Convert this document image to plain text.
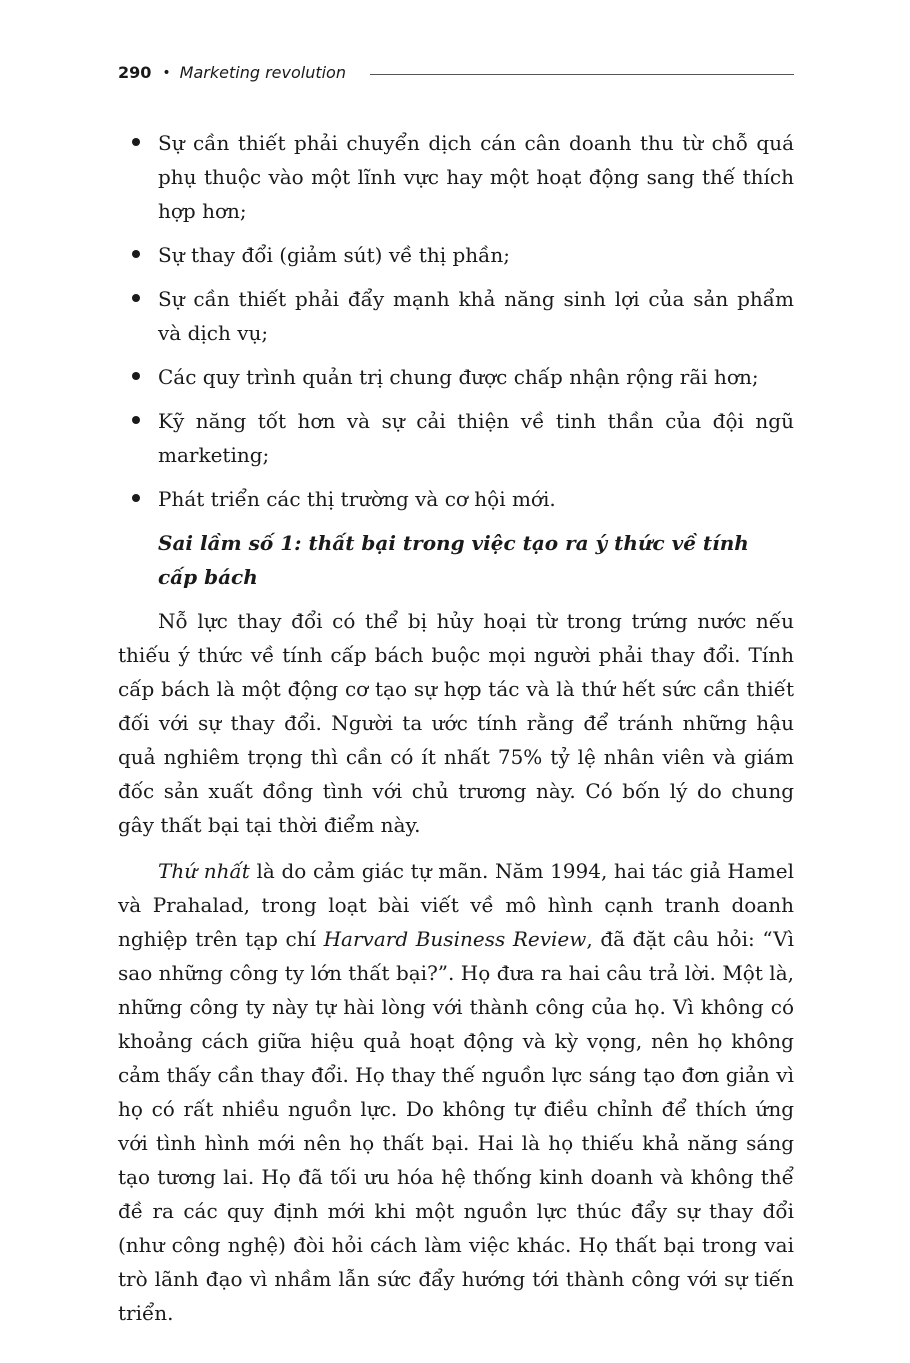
290 • Marketing revolution
Sự cần thiết phải chuyển dịch cán cân doanh thu từ chỗ quá phụ thuộc vào một lĩnh vực hay một hoạt động sang thế thích hợp hơn;
Sự thay đổi (giảm sút) về thị phần;
Sự cần thiết phải đẩy mạnh khả năng sinh lợi của sản phẩm và dịch vụ;
Các quy trình quản trị chung được chấp nhận rộng rãi hơn;
Kỹ năng tốt hơn và sự cải thiện về tinh thần của đội ngũ marketing;
Phát triển các thị trường và cơ hội mới.
Sai lầm số 1: thất bại trong việc tạo ra ý thức về tính cấp bách

Nỗ lực thay đổi có thể bị hủy hoại từ trong trứng nước nếu thiếu ý thức về tính cấp bách buộc mọi người phải thay đổi. Tính cấp bách là một động cơ tạo sự hợp tác và là thứ hết sức cần thiết đối với sự thay đổi. Người ta ước tính rằng để tránh những hậu quả nghiêm trọng thì cần có ít nhất 75% tỷ lệ nhân viên và giám đốc sản xuất đồng tình với chủ trương này. Có bốn lý do chung gây thất bại tại thời điểm này.

Thứ nhất là do cảm giác tự mãn. Năm 1994, hai tác giả Hamel và Prahalad, trong loạt bài viết về mô hình cạnh tranh doanh nghiệp trên tạp chí Harvard Business Review, đã đặt câu hỏi: “Vì sao những công ty lớn thất bại?”. Họ đưa ra hai câu trả lời. Một là, những công ty này tự hài lòng với thành công của họ. Vì không có khoảng cách giữa hiệu quả hoạt động và kỳ vọng, nên họ không cảm thấy cần thay đổi. Họ thay thế nguồn lực sáng tạo đơn giản vì họ có rất nhiều nguồn lực. Do không tự điều chỉnh để thích ứng với tình hình mới nên họ thất bại. Hai là họ thiếu khả năng sáng tạo tương lai. Họ đã tối ưu hóa hệ thống kinh doanh và không thể đề ra các quy định mới khi một nguồn lực thúc đẩy sự thay đổi (như công nghệ) đòi hỏi cách làm việc khác. Họ thất bại trong vai trò lãnh đạo vì nhầm lẫn sức đẩy hướng tới thành công với sự tiến triển.
